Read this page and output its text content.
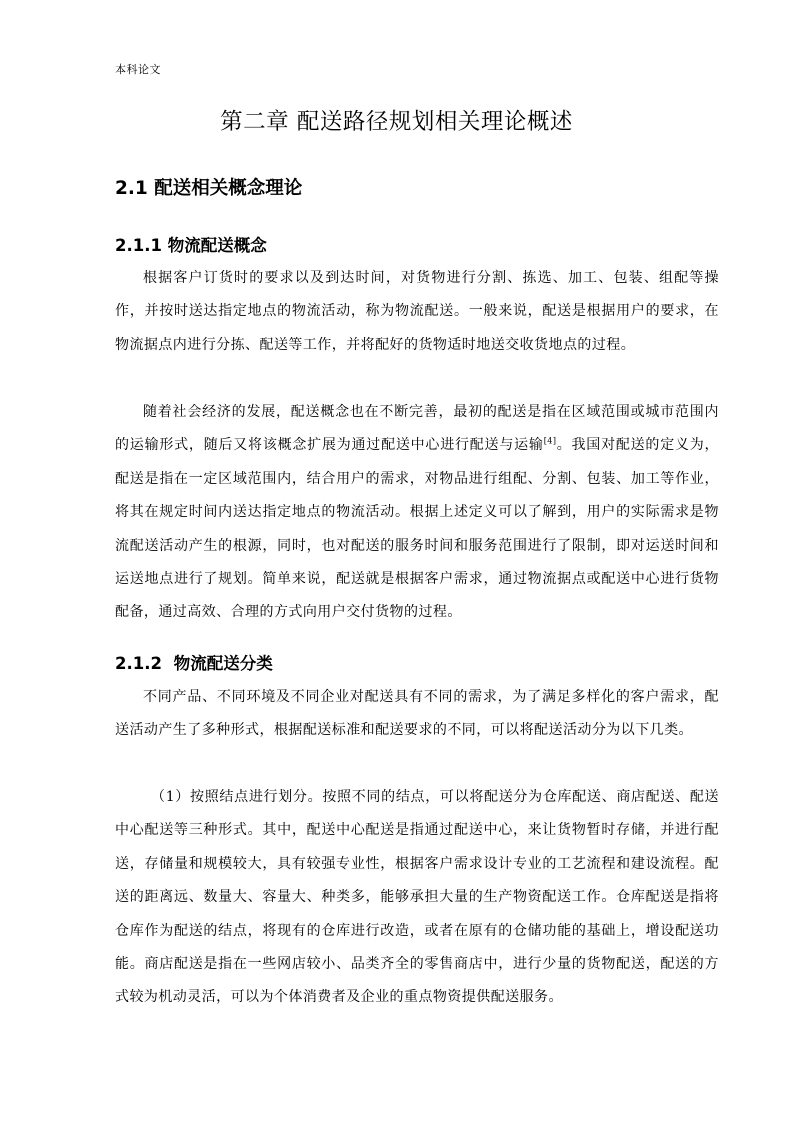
本科论文
第二章 配送路径规划相关理论概述
2.1 配送相关概念理论
2.1.1 物流配送概念

根据客户订货时的要求以及到达时间，对货物进行分割、拣选、加工、包装、组配等操作，并按时送达指定地点的物流活动，称为物流配送。一般来说，配送是根据用户的要求，在物流据点内进行分拣、配送等工作，并将配好的货物适时地送交收货地点的过程。

随着社会经济的发展，配送概念也在不断完善，最初的配送是指在区域范围或城市范围内的运输形式，随后又将该概念扩展为通过配送中心进行配送与运输[4]。我国对配送的定义为，配送是指在一定区域范围内，结合用户的需求，对物品进行组配、分割、包装、加工等作业，将其在规定时间内送达指定地点的物流活动。根据上述定义可以了解到，用户的实际需求是物流配送活动产生的根源，同时，也对配送的服务时间和服务范围进行了限制，即对运送时间和运送地点进行了规划。简单来说，配送就是根据客户需求，通过物流据点或配送中心进行货物配备，通过高效、合理的方式向用户交付货物的过程。

2.1.2 物流配送分类

不同产品、不同环境及不同企业对配送具有不同的需求，为了满足多样化的客户需求，配送活动产生了多种形式，根据配送标准和配送要求的不同，可以将配送活动分为以下几类。

（1）按照结点进行划分。按照不同的结点，可以将配送分为仓库配送、商店配送、配送中心配送等三种形式。其中，配送中心配送是指通过配送中心，来让货物暂时存储，并进行配送，存储量和规模较大，具有较强专业性，根据客户需求设计专业的工艺流程和建设流程。配送的距离远、数量大、容量大、种类多，能够承担大量的生产物资配送工作。仓库配送是指将仓库作为配送的结点，将现有的仓库进行改造，或者在原有的仓储功能的基础上，增设配送功能。商店配送是指在一些网店较小、品类齐全的零售商店中，进行少量的货物配送，配送的方式较为机动灵活，可以为个体消费者及企业的重点物资提供配送服务。
